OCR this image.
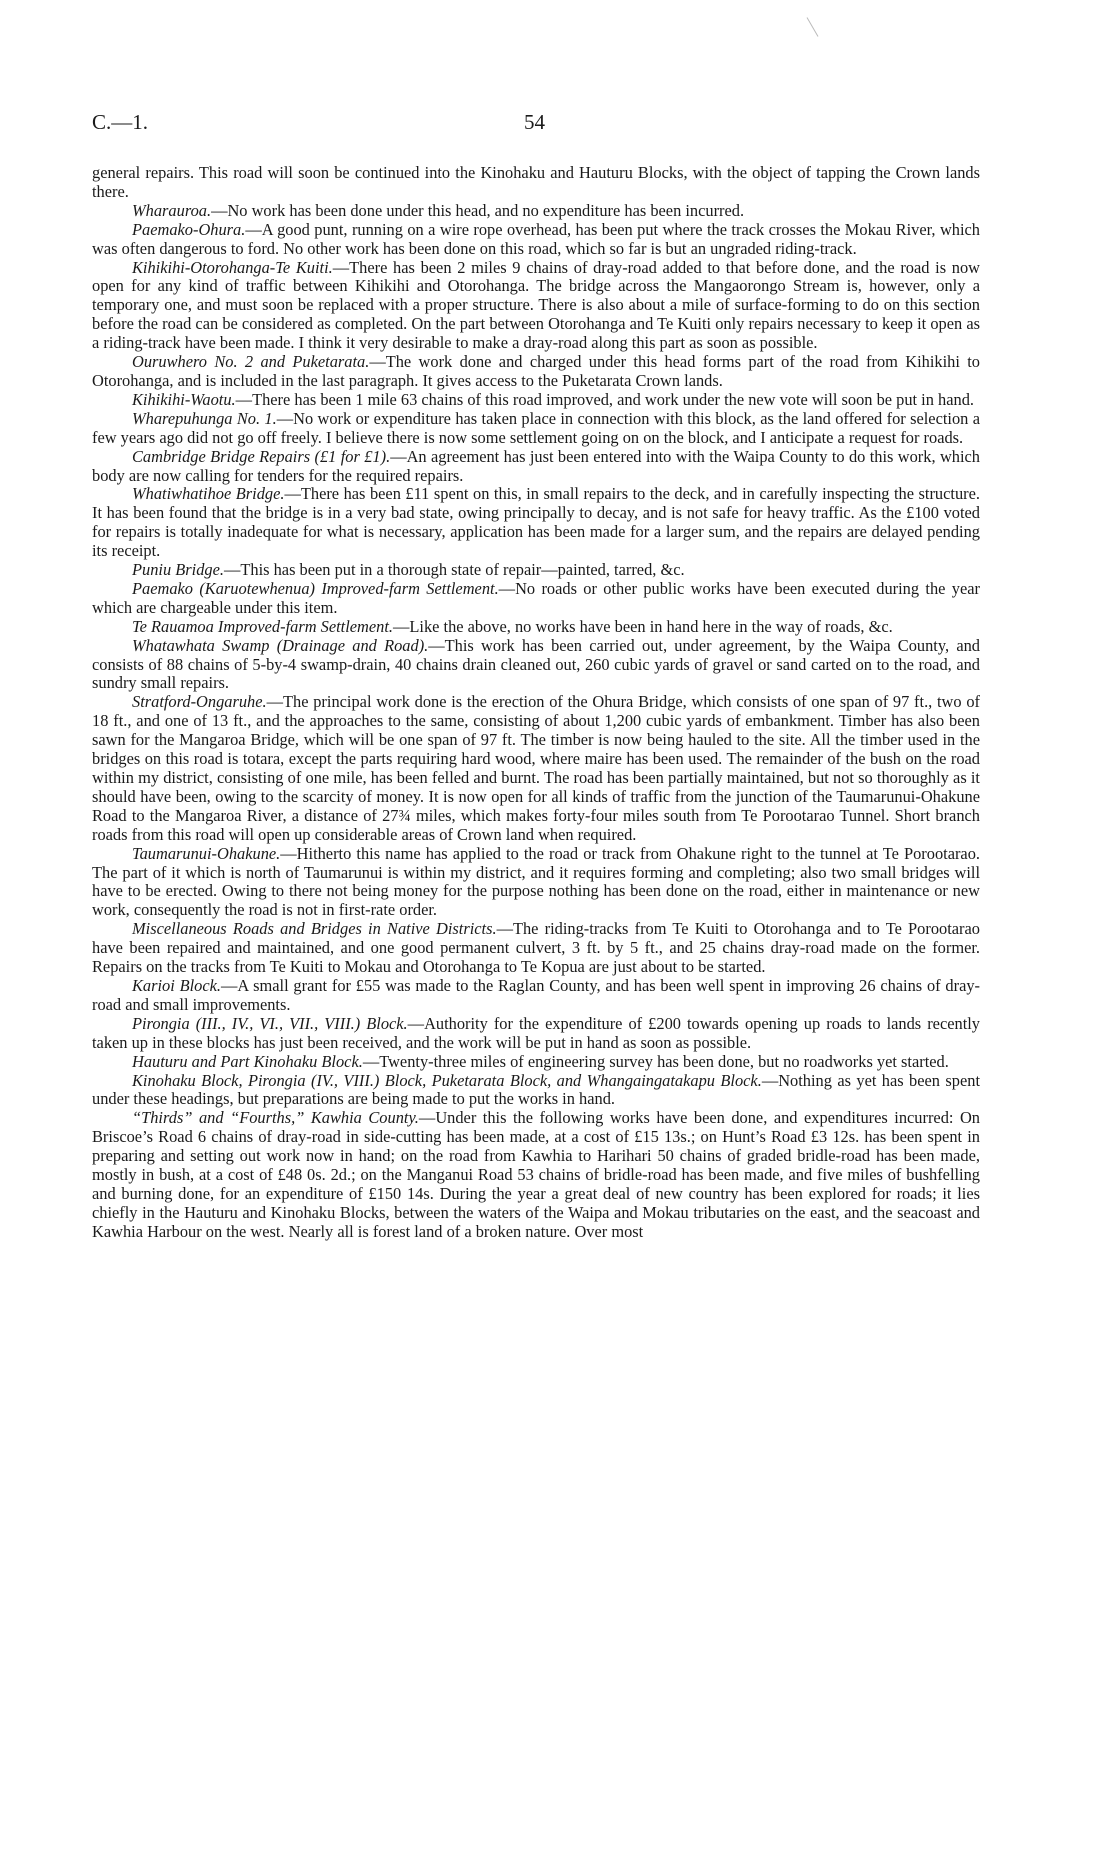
C.—1.	54

general repairs. This road will soon be continued into the Kinohaku and Hauturu Blocks, with the object of tapping the Crown lands there.

Wharauroa.—No work has been done under this head, and no expenditure has been incurred.

Paemako-Ohura.—A good punt, running on a wire rope overhead, has been put where the track crosses the Mokau River, which was often dangerous to ford. No other work has been done on this road, which so far is but an ungraded riding-track.

Kihikihi-Otorohanga-Te Kuiti.—There has been 2 miles 9 chains of dray-road added to that before done, and the road is now open for any kind of traffic between Kihikihi and Otorohanga. The bridge across the Mangaorongo Stream is, however, only a temporary one, and must soon be replaced with a proper structure. There is also about a mile of surface-forming to do on this section before the road can be considered as completed. On the part between Otorohanga and Te Kuiti only repairs necessary to keep it open as a riding-track have been made. I think it very desirable to make a dray-road along this part as soon as possible.

Ouruwhero No. 2 and Puketarata.—The work done and charged under this head forms part of the road from Kihikihi to Otorohanga, and is included in the last paragraph. It gives access to the Puketarata Crown lands.

Kihikihi-Waotu.—There has been 1 mile 63 chains of this road improved, and work under the new vote will soon be put in hand.

Wharepuhunga No. 1.—No work or expenditure has taken place in connection with this block, as the land offered for selection a few years ago did not go off freely. I believe there is now some settlement going on on the block, and I anticipate a request for roads.

Cambridge Bridge Repairs (£1 for £1).—An agreement has just been entered into with the Waipa County to do this work, which body are now calling for tenders for the required repairs.

Whatiwhatihoe Bridge.—There has been £11 spent on this, in small repairs to the deck, and in carefully inspecting the structure. It has been found that the bridge is in a very bad state, owing principally to decay, and is not safe for heavy traffic. As the £100 voted for repairs is totally inadequate for what is necessary, application has been made for a larger sum, and the repairs are delayed pending its receipt.

Puniu Bridge.—This has been put in a thorough state of repair—painted, tarred, &c.

Paemako (Karuotewhenua) Improved-farm Settlement.—No roads or other public works have been executed during the year which are chargeable under this item.

Te Rauamoa Improved-farm Settlement.—Like the above, no works have been in hand here in the way of roads, &c.

Whatawhata Swamp (Drainage and Road).—This work has been carried out, under agreement, by the Waipa County, and consists of 88 chains of 5-by-4 swamp-drain, 40 chains drain cleaned out, 260 cubic yards of gravel or sand carted on to the road, and sundry small repairs.

Stratford-Ongaruhe.—The principal work done is the erection of the Ohura Bridge, which consists of one span of 97 ft., two of 18 ft., and one of 13 ft., and the approaches to the same, consisting of about 1,200 cubic yards of embankment. Timber has also been sawn for the Mangaroa Bridge, which will be one span of 97 ft. The timber is now being hauled to the site. All the timber used in the bridges on this road is totara, except the parts requiring hard wood, where maire has been used. The remainder of the bush on the road within my district, consisting of one mile, has been felled and burnt. The road has been partially maintained, but not so thoroughly as it should have been, owing to the scarcity of money. It is now open for all kinds of traffic from the junction of the Taumarunui-Ohakune Road to the Mangaroa River, a distance of 27¾ miles, which makes forty-four miles south from Te Porootarao Tunnel. Short branch roads from this road will open up considerable areas of Crown land when required.

Taumarunui-Ohakune.—Hitherto this name has applied to the road or track from Ohakune right to the tunnel at Te Porootarao. The part of it which is north of Taumarunui is within my district, and it requires forming and completing; also two small bridges will have to be erected. Owing to there not being money for the purpose nothing has been done on the road, either in maintenance or new work, consequently the road is not in first-rate order.

Miscellaneous Roads and Bridges in Native Districts.—The riding-tracks from Te Kuiti to Otorohanga and to Te Porootarao have been repaired and maintained, and one good permanent culvert, 3 ft. by 5 ft., and 25 chains dray-road made on the former. Repairs on the tracks from Te Kuiti to Mokau and Otorohanga to Te Kopua are just about to be started.

Karioi Block.—A small grant for £55 was made to the Raglan County, and has been well spent in improving 26 chains of dray-road and small improvements.

Pirongia (III., IV., VI., VII., VIII.) Block.—Authority for the expenditure of £200 towards opening up roads to lands recently taken up in these blocks has just been received, and the work will be put in hand as soon as possible.

Hauturu and Part Kinohaku Block.—Twenty-three miles of engineering survey has been done, but no roadworks yet started.

Kinohaku Block, Pirongia (IV., VIII.) Block, Puketarata Block, and Whangaingatakapu Block.—Nothing as yet has been spent under these headings, but preparations are being made to put the works in hand.

“Thirds” and “Fourths,” Kawhia County.—Under this the following works have been done, and expenditures incurred: On Briscoe’s Road 6 chains of dray-road in side-cutting has been made, at a cost of £15 13s.; on Hunt’s Road £3 12s. has been spent in preparing and setting out work now in hand; on the road from Kawhia to Harihari 50 chains of graded bridle-road has been made, mostly in bush, at a cost of £48 0s. 2d.; on the Manganui Road 53 chains of bridle-road has been made, and five miles of bushfelling and burning done, for an expenditure of £150 14s. During the year a great deal of new country has been explored for roads; it lies chiefly in the Hauturu and Kinohaku Blocks, between the waters of the Waipa and Mokau tributaries on the east, and the seacoast and Kawhia Harbour on the west. Nearly all is forest land of a broken nature. Over most
